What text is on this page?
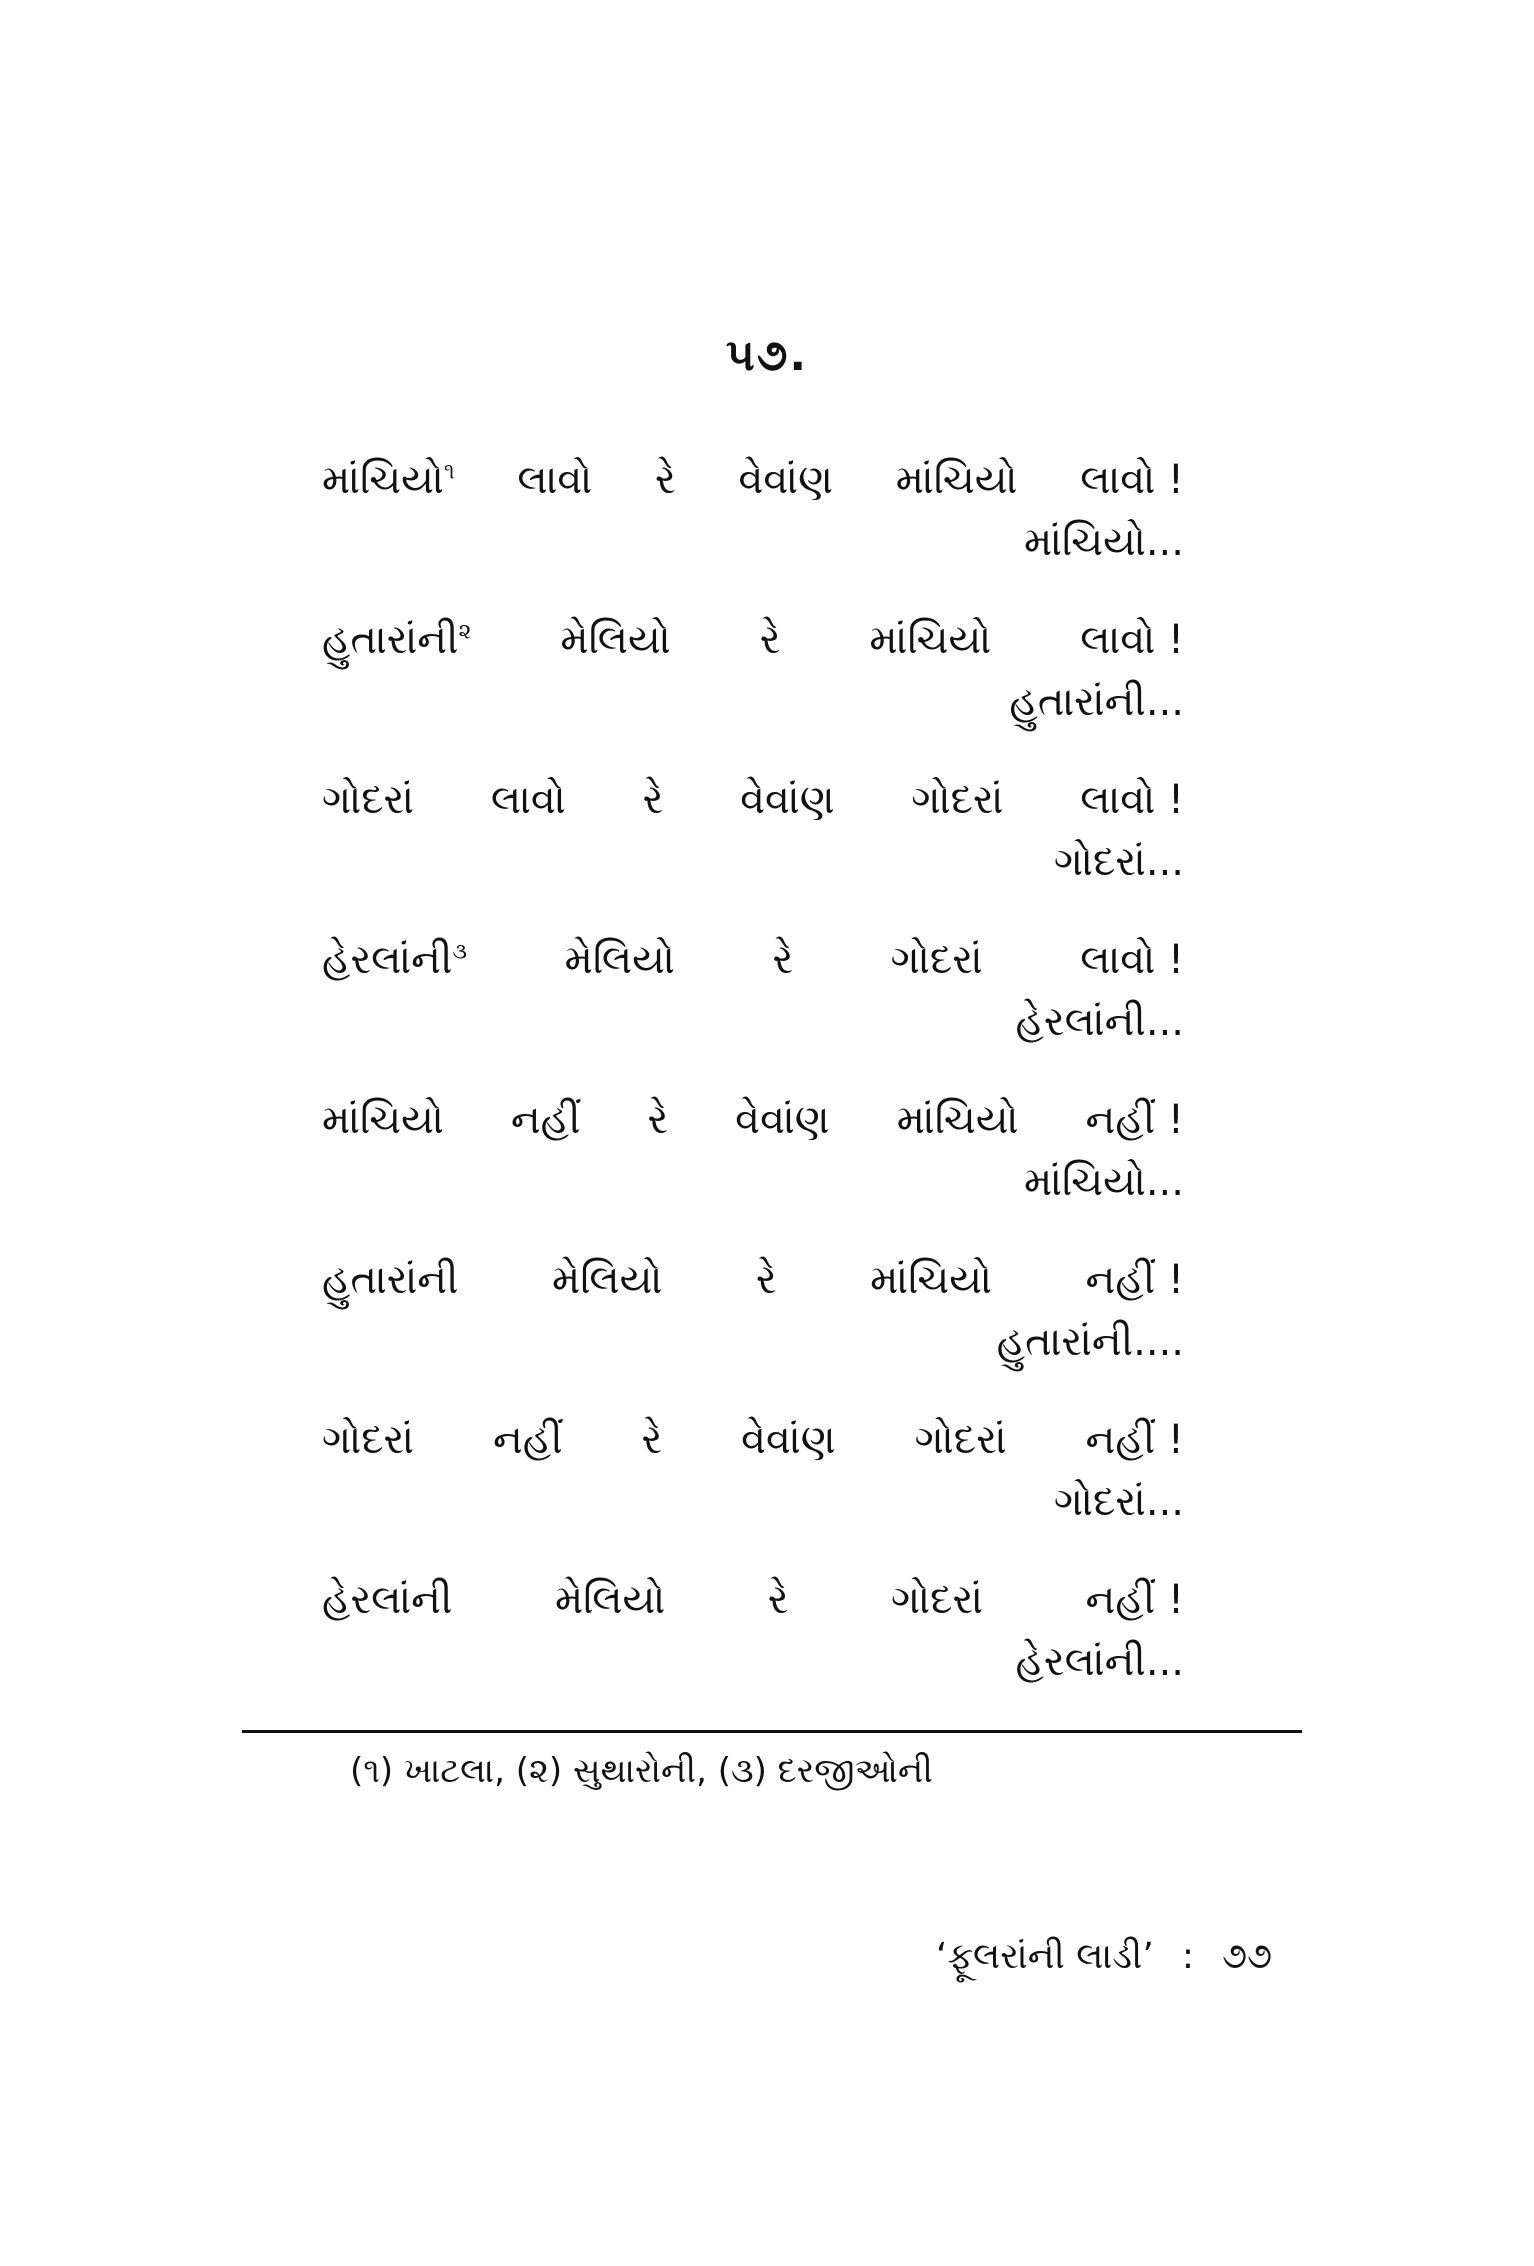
૫૭.
માંચિયો$^૧$ લાવો રે વેવાંણ માંચિયો લાવો !
માંચિયો...
હુતારાંની$^૨$ મેલિયો રે માંચિયો લાવો !
હુતારાંની...
ગોદરાં લાવો રે વેવાંણ ગોદરાં લાવો !
ગોદરાં...
હેરલાંની$^૩$ મેલિયો રે ગોદરાં લાવો !
હેરલાંની...
માંચિયો નહીં રે વેવાંણ માંચિયો નહીં !
માંચિયો...
હુતારાંની મેલિયો રે માંચિયો નહીં !
હુતારાંની....
ગોદરાં નહીં રે વેવાંણ ગોદરાં નહીં !
ગોદરાં...
હેરલાંની	મેલિયો	રે	ગોદરાં	નહીં !
હેરલાંની...
(૧) ખાટલા, (૨) સુથારોની, (૩) દરજીઓની
‘ફૂલરાંની લાડી’ : ૭૭
